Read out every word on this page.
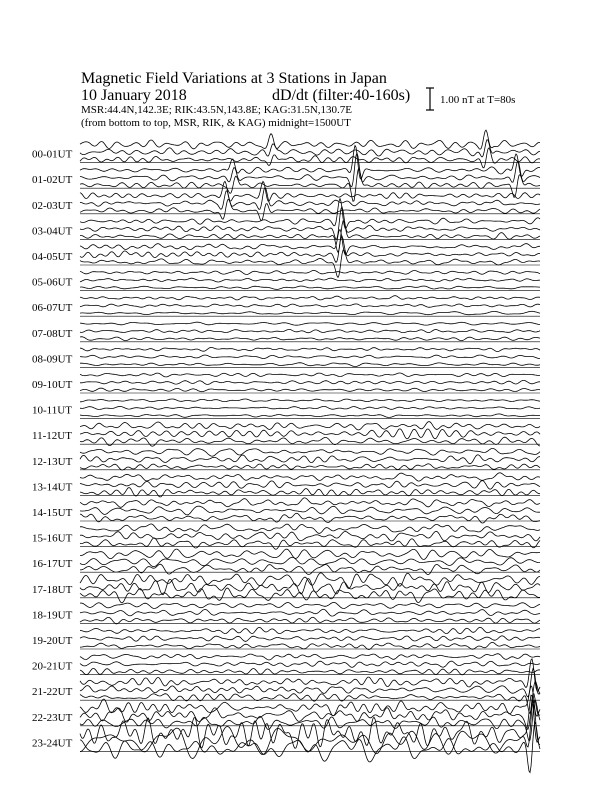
Magnetic Field Variations at 3 Stations in Japan
10 January 2018	dD/dt (filter:40-160s)
MSR:44.4N,142.3E; RIK:43.5N,143.8E; KAG:31.5N,130.7E
(from bottom to top, MSR, RIK, & KAG) midnight=1500UT
1.00 nT at T=80s
00-01UT
01-02UT
02-03UT
03-04UT
04-05UT
05-06UT
06-07UT
07-08UT
08-09UT
09-10UT
10-11UT
11-12UT
12-13UT
13-14UT
14-15UT
15-16UT
16-17UT
17-18UT
18-19UT
19-20UT
20-21UT
21-22UT
22-23UT
23-24UT
